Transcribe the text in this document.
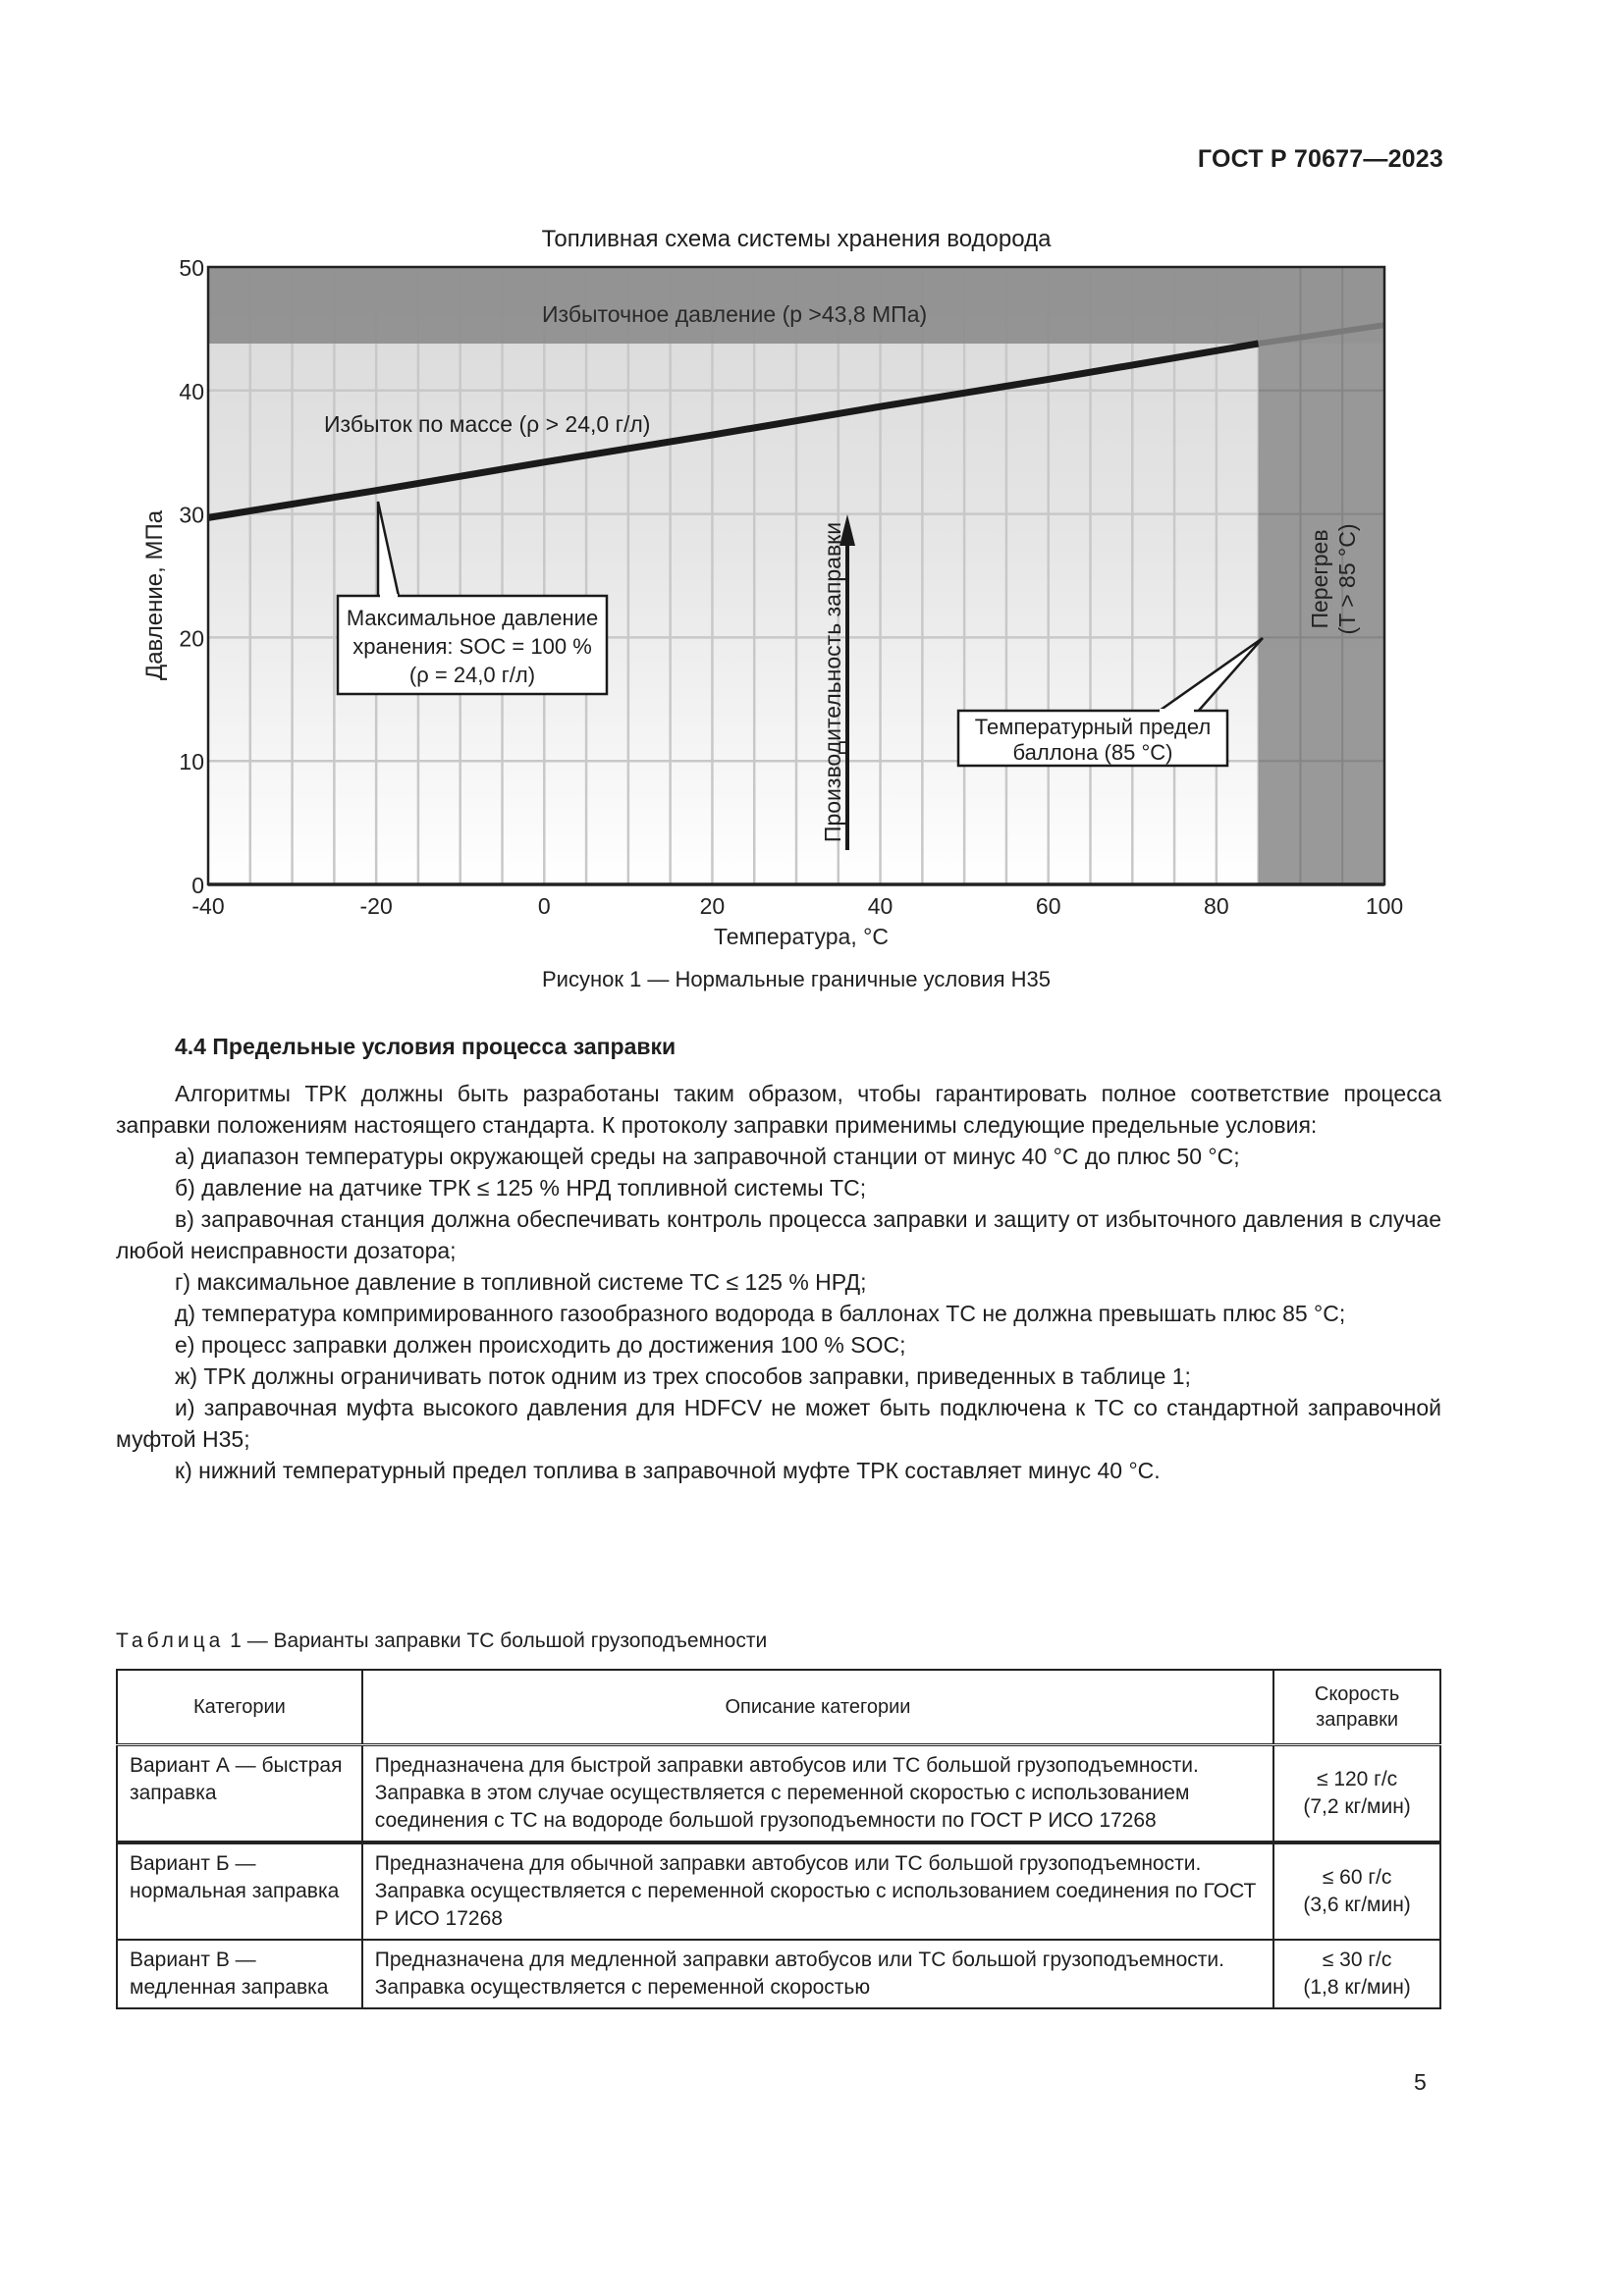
ГОСТ Р 70677—2023
Топливная схема системы хранения водорода
0
10
20
30
40
50
-40	-20	0	20	40	60	80	100
Температура, °C
Давление, МПа
Избыточное давление (p >43,8 МПа)
Избыток по массе (ρ > 24,0 г/л)
Перегрев (T > 85 °C)
Производительность заправки
Максимальное давление
хранения: SOC = 100 %
(ρ = 24,0 г/л)
Температурный предел
баллона (85 °C)
Рисунок 1 — Нормальные граничные условия H35
4.4 Предельные условия процесса заправки

Алгоритмы ТРК должны быть разработаны таким образом, чтобы гарантировать полное соответствие процесса заправки положениям настоящего стандарта. К протоколу заправки применимы следующие предельные условия:

а) диапазон температуры окружающей среды на заправочной станции от минус 40 °C до плюс 50 °C;

б) давление на датчике ТРК ≤ 125 % НРД топливной системы ТС;

в) заправочная станция должна обеспечивать контроль процесса заправки и защиту от избыточного давления в случае любой неисправности дозатора;

г) максимальное давление в топливной системе ТС ≤ 125 % НРД;

д) температура компримированного газообразного водорода в баллонах ТС не должна превышать плюс 85 °C;

е) процесс заправки должен происходить до достижения 100 % SOC;

ж) ТРК должны ограничивать поток одним из трех способов заправки, приведенных в таблице 1;

и) заправочная муфта высокого давления для HDFCV не может быть подключена к ТС со стандартной заправочной муфтой H35;

к) нижний температурный предел топлива в заправочной муфте ТРК составляет минус 40 °C.

Таблица 1 — Варианты заправки ТС большой грузоподъемности
Категории	Описание категории	Скорость заправки
Вариант А — быстрая заправка	Предназначена для быстрой заправки автобусов или ТС большой грузоподъемности. Заправка в этом случае осуществляется с переменной скоростью с использованием соединения с ТС на водороде большой грузоподъемности по ГОСТ Р ИСО 17268	≤ 120 г/с
(7,2 кг/мин)

Вариант Б — нормальная заправка	Предназначена для обычной заправки автобусов или ТС большой грузоподъемности. Заправка осуществляется с переменной скоростью с использованием соединения по ГОСТ Р ИСО 17268	≤ 60 г/с
(3,6 кг/мин)

Вариант В — медленная заправка	Предназначена для медленной заправки автобусов или ТС большой грузоподъемности. Заправка осуществляется с переменной скоростью	≤ 30 г/с
(1,8 кг/мин)
5
